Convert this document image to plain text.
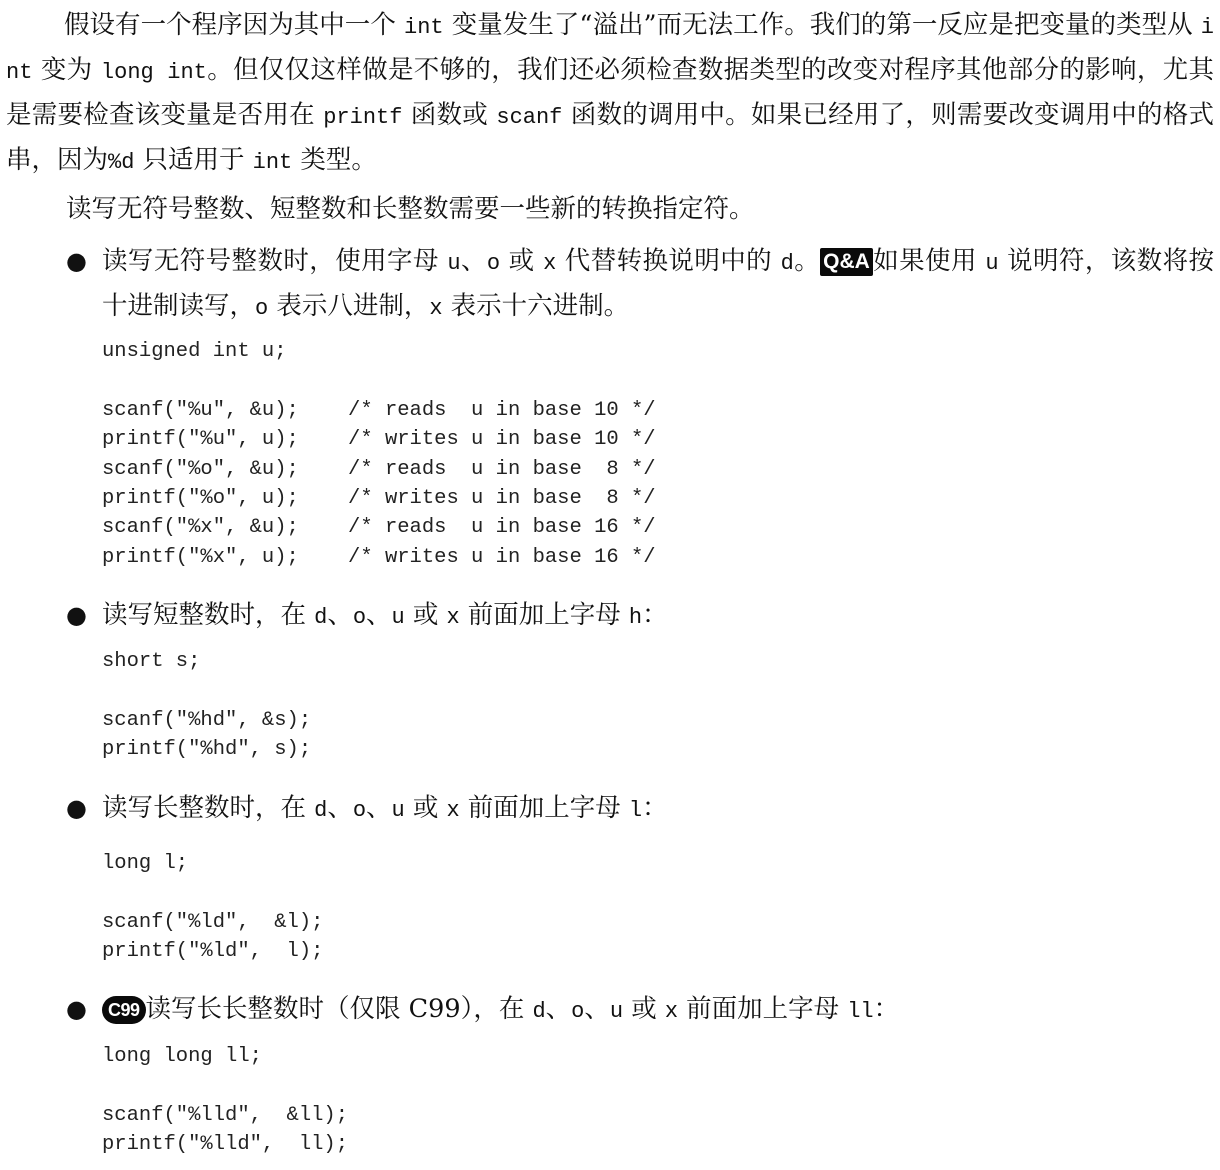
假设有一个程序因为其中一个 int 变量发生了“溢出”而无法工作。我们的第一反应是把变量的类型从 int 变为 long int。但仅仅这样做是不够的，我们还必须检查数据类型的改变对程序其他部分的影响，尤其是需要检查该变量是否用在 printf 函数或 scanf 函数的调用中。如果已经用了，则需要改变调用中的格式串，因为%d 只适用于 int 类型。

读写无符号整数、短整数和长整数需要一些新的转换指定符。

● 读写无符号整数时，使用字母 u、o 或 x 代替转换说明中的 d。 Q&A 如果使用 u 说明符，该数将按十进制读写，o 表示八进制，x 表示十六进制。
unsigned int u;

scanf("%u", &u);    /* reads  u in base 10 */
printf("%u", u);    /* writes u in base 10 */
scanf("%o", &u);    /* reads  u in base  8 */
printf("%o", u);    /* writes u in base  8 */
scanf("%x", &u);    /* reads  u in base 16 */
printf("%x", u);    /* writes u in base 16 */
● 读写短整数时，在 d、o、u 或 x 前面加上字母 h：
short s;

scanf("%hd", &s);
printf("%hd", s);
● 读写长整数时，在 d、o、u 或 x 前面加上字母 l：
long l;

scanf("%ld",  &l);
printf("%ld",  l);
●	C99 读写长长整数时（仅限 C99），在 d、o、u 或 x 前面加上字母 ll：
long long ll;

scanf("%lld",  &ll);
printf("%lld",  ll);
